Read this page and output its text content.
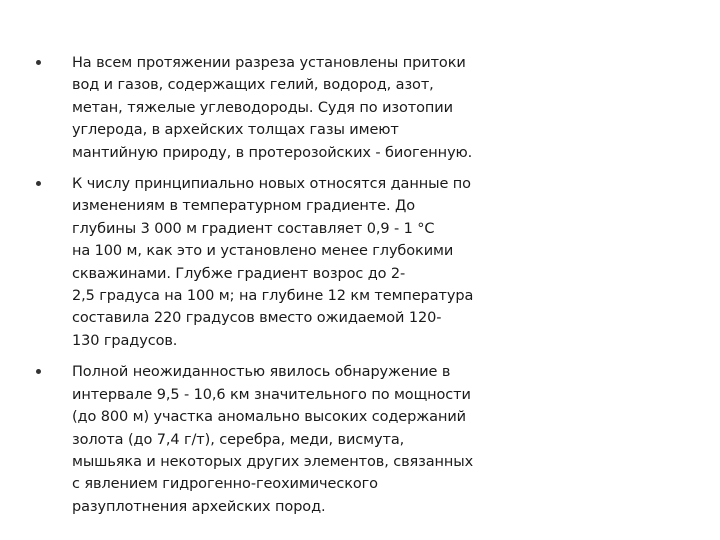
На всем протяжении разреза установлены притоки
вод и газов, содержащих гелий, водород, азот,
метан, тяжелые углеводороды. Судя по изотопии
углерода, в архейских толщах газы имеют
мантийную природу, в протерозойских - биогенную.
К числу принципиально новых относятся данные по
изменениям в температурном градиенте. До
глубины 3 000 м градиент составляет 0,9 - 1 °С
на 100 м, как это и установлено менее глубокими
скважинами. Глубже градиент возрос до 2-
2,5 градуса на 100 м; на глубине 12 км температура
составила 220 градусов вместо ожидаемой 120-
130 градусов.
Полной неожиданностью явилось обнаружение в
интервале 9,5 - 10,6 км значительного по мощности
(до 800 м) участка аномально высоких содержаний
золота (до 7,4 г/т), серебра, меди, висмута,
мышьяка и некоторых других элементов, связанных
с явлением гидрогенно-геохимического
разуплотнения архейских пород.
